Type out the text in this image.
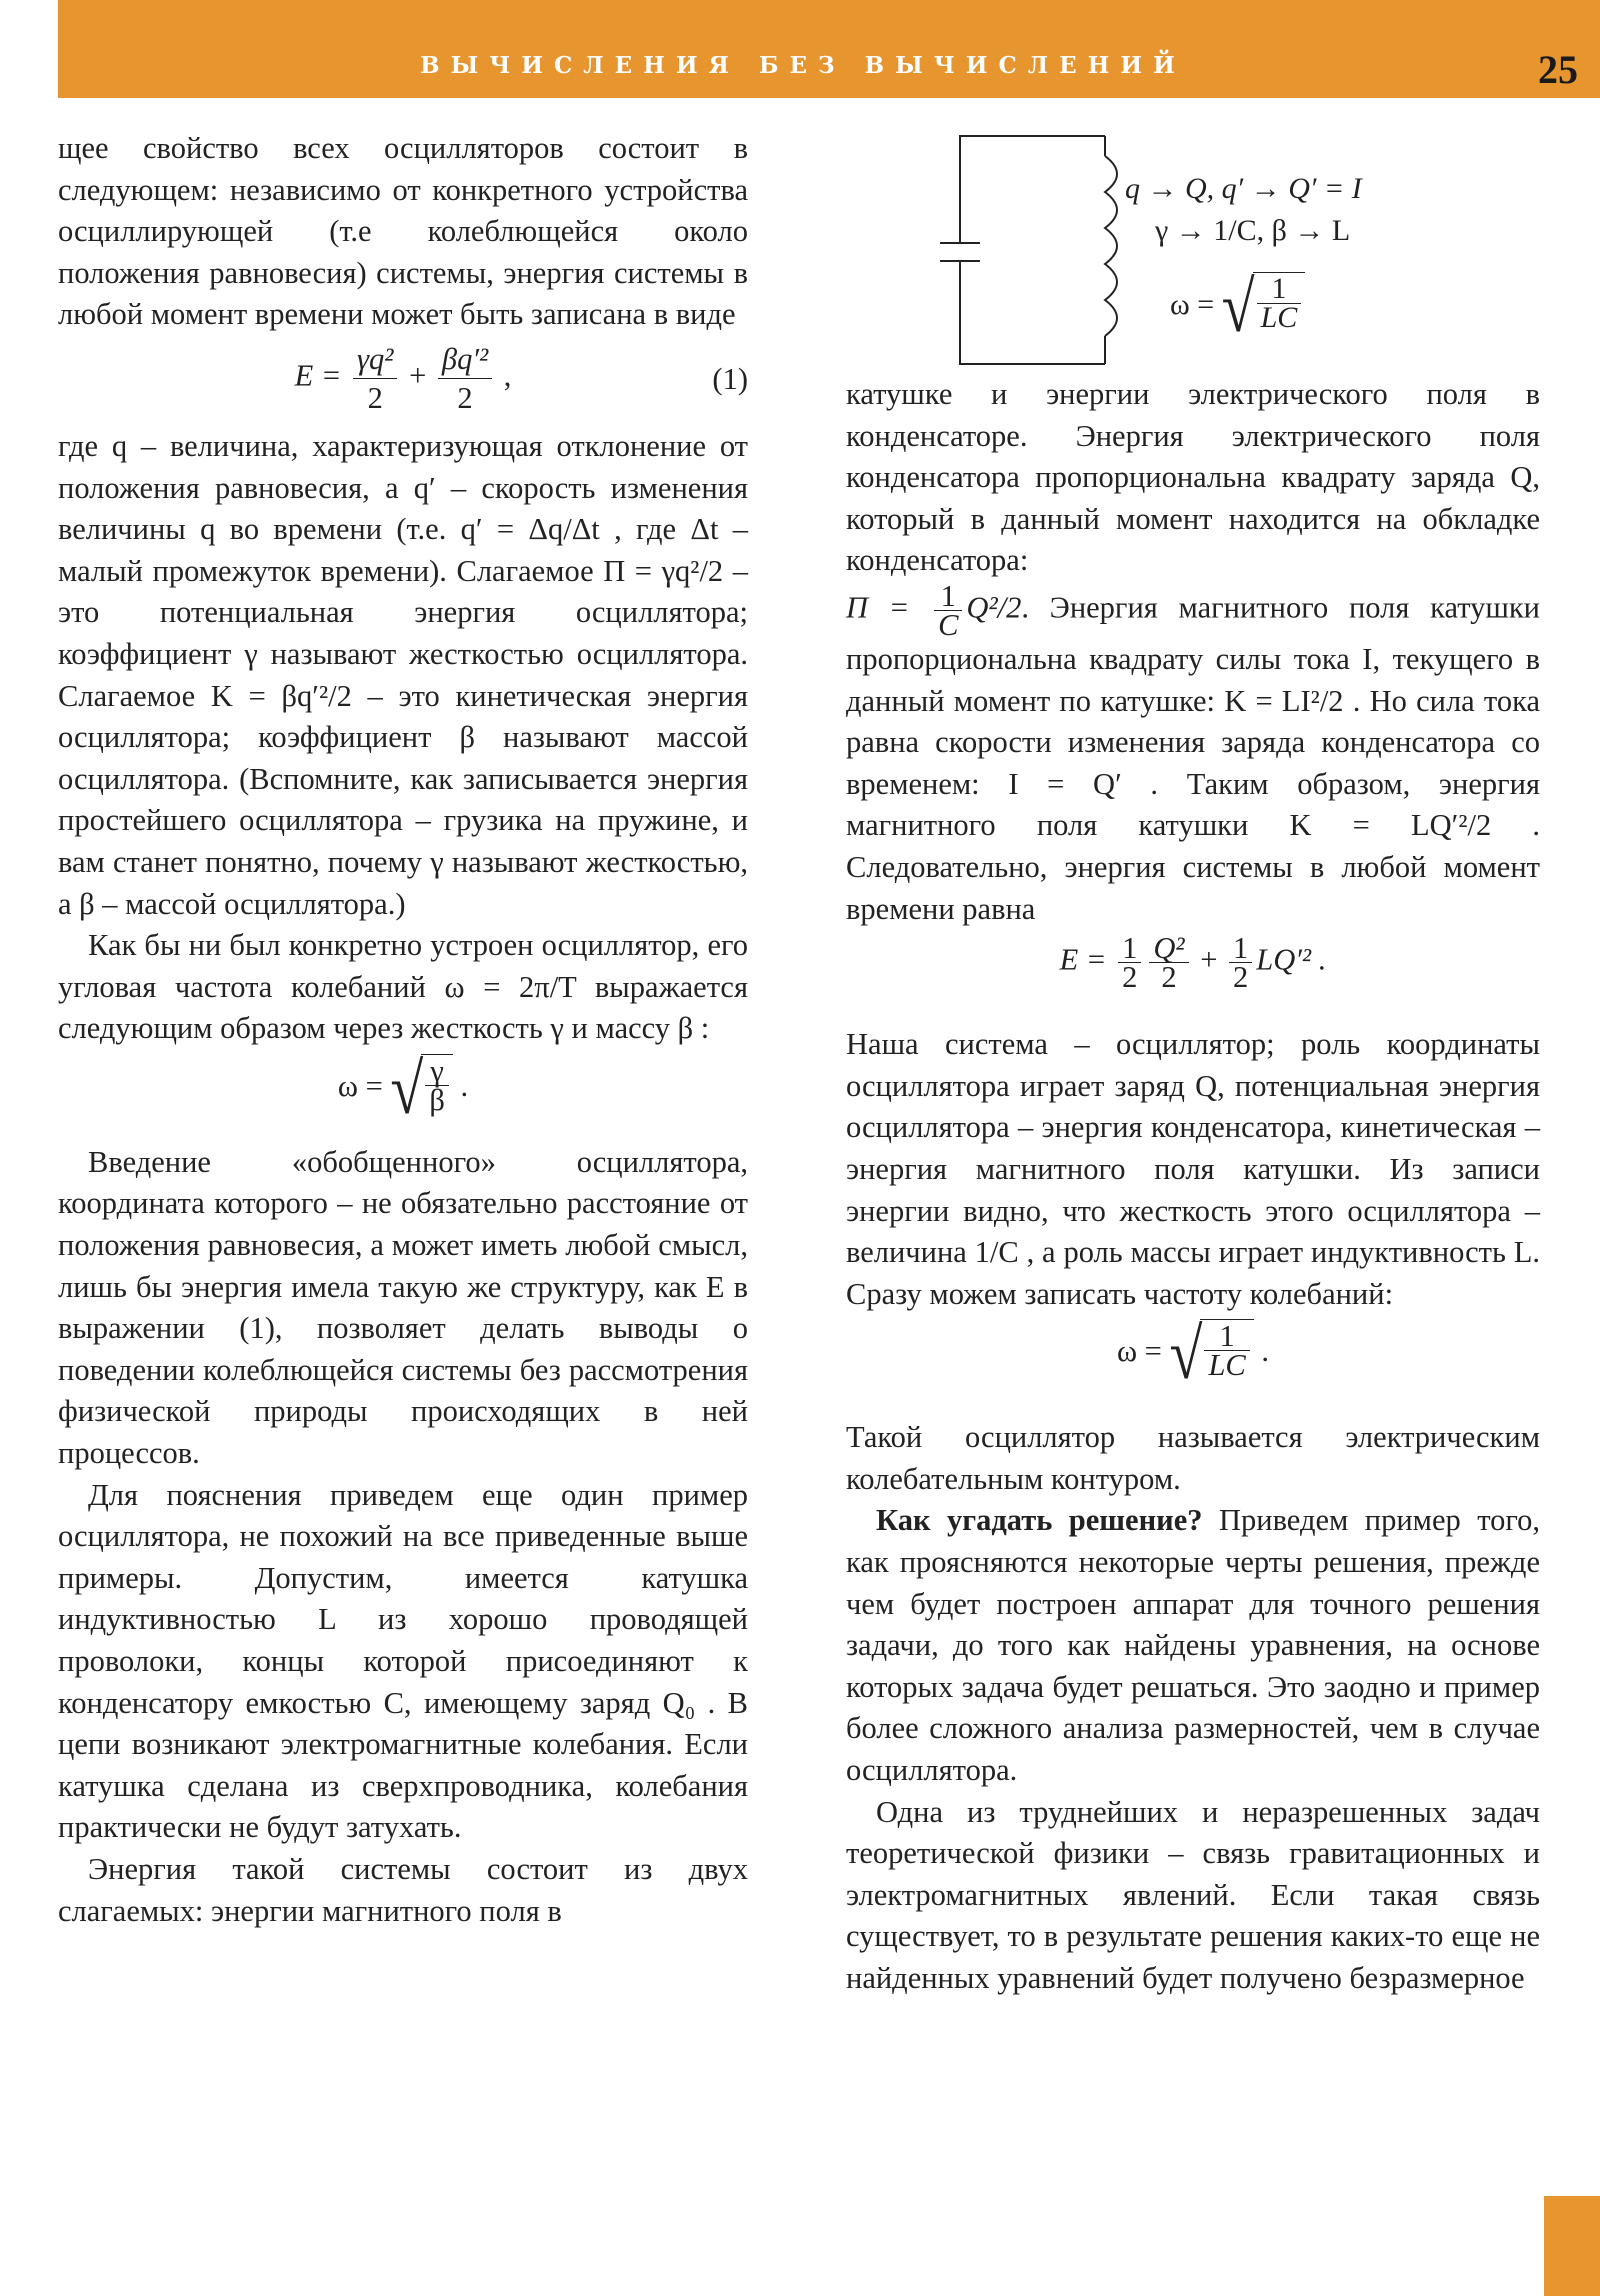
ВЫЧИСЛЕНИЯ БЕЗ ВЫЧИСЛЕНИЙ	25
q → Q, q′ → Q′ = I
γ → 1/C, β → L
ω = √ $\frac{1}{LC}$

щее свойство всех осцилляторов состоит в следующем: независимо от конкретного устройства осциллирующей (т.е колеблющейся около положения равновесия) системы, энергия системы в любой момент времени может быть записана в виде

$E = \frac{\text{γq²}}{2} + \frac{\text{βq′²}}{2}$ ,	(1)

где q – величина, характеризующая отклонение от положения равновесия, а q′ – скорость изменения величины q во времени (т.е. q′ = Δq/Δt , где Δt – малый промежуток времени). Слагаемое П = γq²/2 – это потенциальная энергия осциллятора; коэффициент γ называют жесткостью осциллятора. Слагаемое K = βq′²/2 – это кинетическая энергия осциллятора; коэффициент β называют массой осциллятора. (Вспомните, как записывается энергия простейшего осциллятора – грузика на пружине, и вам станет понятно, почему γ называют жесткостью, а β – массой осциллятора.)

Как бы ни был конкретно устроен осциллятор, его угловая частота колебаний ω = 2π/T выражается следующим образом через жесткость γ и массу β :

ω = √ $\frac{\gamma}{\beta}$ .

Введение «обобщенного» осциллятора, координата которого – не обязательно расстояние от положения равновесия, а может иметь любой смысл, лишь бы энергия имела такую же структуру, как E в выражении (1), позволяет делать выводы о поведении колеблющейся системы без рассмотрения физической природы происходящих в ней процессов.

Для пояснения приведем еще один пример осциллятора, не похожий на все приведенные выше примеры. Допустим, имеется катушка индуктивностью L из хорошо проводящей проволоки, концы которой присоединяют к конденсатору емкостью C, имеющему заряд Q₀ . В цепи возникают электромагнитные колебания. Если катушка сделана из сверхпроводника, колебания практически не будут затухать.

Энергия такой системы состоит из двух слагаемых: энергии магнитного поля в

катушке и энергии электрического поля в конденсаторе. Энергия электрического поля конденсатора пропорциональна квадрату заряда Q, который в данный момент находится на обкладке конденсатора:

$П = \frac{1}{C} Q^2/2$. Энергия магнитного поля катушки пропорциональна квадрату силы тока I, текущего в данный момент по катушке: K = LI²/2 . Но сила тока равна скорости изменения заряда конденсатора со временем: I = Q′ . Таким образом, энергия магнитного поля катушки K = LQ′²/2 . Следовательно, энергия системы в любой момент времени равна

$E = \frac{1}{2} \frac{\text{Q²}}{2} + \frac{1}{2} LQ'^2$ .

Наша система – осциллятор; роль координаты осциллятора играет заряд Q, потенциальная энергия осциллятора – энергия конденсатора, кинетическая – энергия магнитного поля катушки. Из записи энергии видно, что жесткость этого осциллятора – величина 1/C , а роль массы играет индуктивность L. Сразу можем записать частоту колебаний:

ω = √ $\frac{1}{LC}$ .

Такой осциллятор называется электрическим колебательным контуром.

Как угадать решение? Приведем пример того, как проясняются некоторые черты решения, прежде чем будет построен аппарат для точного решения задачи, до того как найдены уравнения, на основе которых задача будет решаться. Это заодно и пример более сложного анализа размерностей, чем в случае осциллятора.

Одна из труднейших и неразрешенных задач теоретической физики – связь гравитационных и электромагнитных явлений. Если такая связь существует, то в результате решения каких-то еще не найденных уравнений будет получено безразмерное
